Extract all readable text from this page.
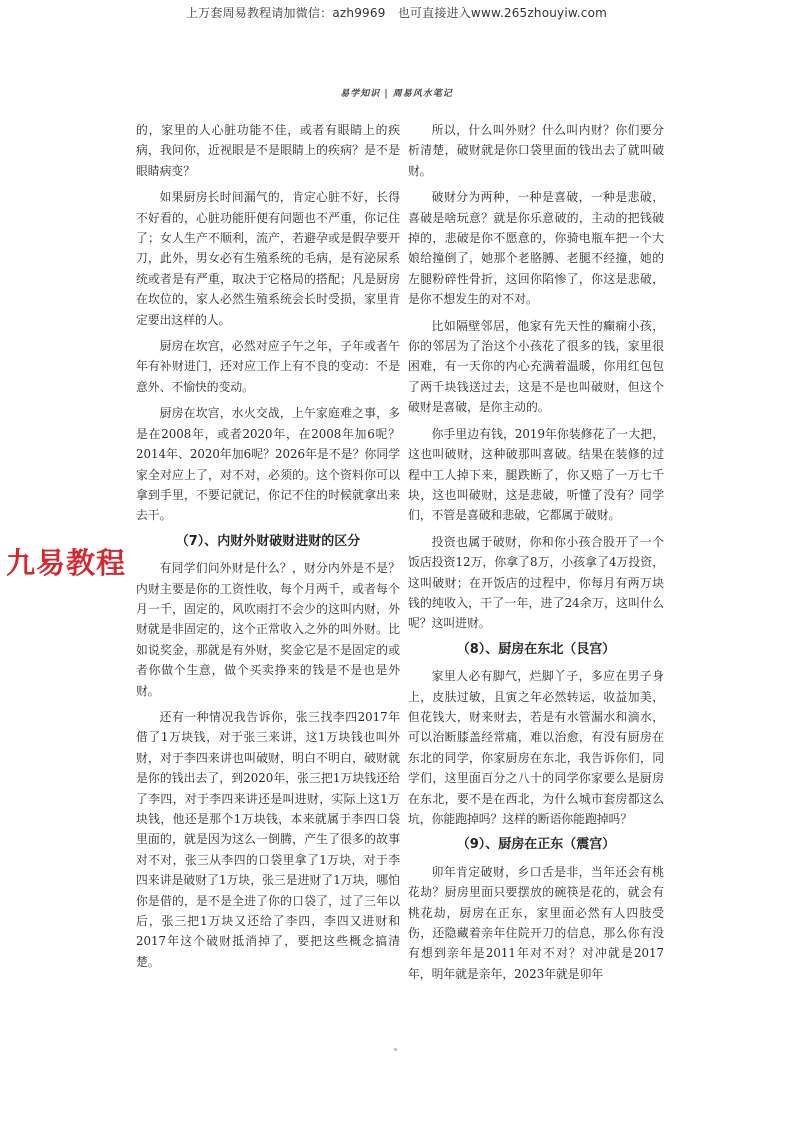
上万套周易教程请加微信：azh9969　也可直接进入www.265zhouyiw.com
易学知识 | 周易风水笔记

的，家里的人心脏功能不佳，或者有眼睛上的疾病，我问你，近视眼是不是眼睛上的疾病？是不是眼睛病变？

如果厨房长时间漏气的，肯定心脏不好，长得不好看的，心脏功能肝便有问题也不严重，你记住了；女人生产不顺利，流产，若避孕或是假孕要开刀，此外，男女必有生殖系统的毛病，是有泌尿系统或者是有严重，取决于它格局的搭配；凡是厨房在坎位的，家人必然生殖系统会长时受损，家里肯定要出这样的人。

厨房在坎宫，必然对应子午之年，子年或者午年有补财进门，还对应工作上有不良的变动：不是意外、不愉快的变动。

厨房在坎宫，水火交战，上午家庭难之事，多是在2008年，或者2020年，在2008年加6呢？2014年、2020年加6呢？2026年是不是？你同学家全对应上了，对不对，必须的。这个资料你可以拿到手里，不要记就记，你记不住的时候就拿出来去干。

（7）、内财外财破财进财的区分

有同学们问外财是什么？，财分内外是不是？内财主要是你的工资性收，每个月两千，或者每个月一千，固定的，风吹雨打不会少的这叫内财，外财就是非固定的，这个正常收入之外的叫外财。比如说奖金，那就是有外财，奖金它是不是固定的或者你做个生意，做个买卖挣来的钱是不是也是外财。

还有一种情况我告诉你，张三找李四2017年借了1万块钱，对于张三来讲，这1万块钱也叫外财，对于李四来讲也叫破财，明白不明白，破财就是你的钱出去了，到2020年，张三把1万块钱还给了李四，对于李四来讲还是叫进财，实际上这1万块钱，他还是那个1万块钱，本来就属于李四口袋里面的，就是因为这么一倒腾，产生了很多的故事对不对，张三从李四的口袋里拿了1万块，对于李四来讲是破财了1万块，张三是进财了1万块，哪怕你是借的，是不是全进了你的口袋了，过了三年以后，张三把1万块又还给了李四，李四又进财和2017年这个破财抵消掉了，要把这些概念搞清楚。

所以，什么叫外财？什么叫内财？你们要分析清楚，破财就是你口袋里面的钱出去了就叫破财。

破财分为两种，一种是喜破，一种是悲破，喜破是啥玩意？就是你乐意破的，主动的把钱破掉的，悲破是你不愿意的，你骑电瓶车把一个大娘给撞倒了，她那个老胳膊、老腿不经撞，她的左腿粉碎性骨折，这回你陷惨了，你这是悲破，是你不想发生的对不对。

比如隔壁邻居，他家有先天性的癫痫小孩，你的邻居为了治这个小孩花了很多的钱，家里很困难，有一天你的内心充满着温暖，你用红包包了两千块钱送过去，这是不是也叫破财，但这个破财是喜破，是你主动的。

你手里边有钱，2019年你装修花了一大把，这也叫破财，这种破那叫喜破。结果在装修的过程中工人掉下来，腿跌断了，你又赔了一万七千块，这也叫破财，这是悲破，听懂了没有？同学们，不管是喜破和悲破，它都属于破财。

投资也属于破财，你和你小孩合股开了一个饭店投资12万，你拿了8万，小孩拿了4万投资，这叫破财；在开饭店的过程中，你每月有两万块钱的纯收入，干了一年，进了24余万，这叫什么呢？这叫进财。

（8）、厨房在东北（艮宫）

家里人必有脚气，烂脚丫子，多应在男子身上，皮肤过敏，且寅之年必然转运，收益加美，但花钱大，财来财去，若是有水管漏水和滴水，可以治断膝盖经常痛，难以治愈，有没有厨房在东北的同学，你家厨房在东北，我告诉你们，同学们，这里面百分之八十的同学你家要么是厨房在东北，要不是在西北，为什么城市套房都这么坑，你能跑掉吗？这样的断语你能跑掉吗？

（9）、厨房在正东（震宫）

卯年肯定破财，乡口舌是非，当年还会有桃花劫？厨房里面只要摆放的碗筷是花的，就会有桃花劫，厨房在正东，家里面必然有人四肢受伤，还隐藏着亲年住院开刀的信息，那么你有没有想到亲年是2011年对不对？对冲就是2017年，明年就是亲年，2023年就是卯年

九易教程
